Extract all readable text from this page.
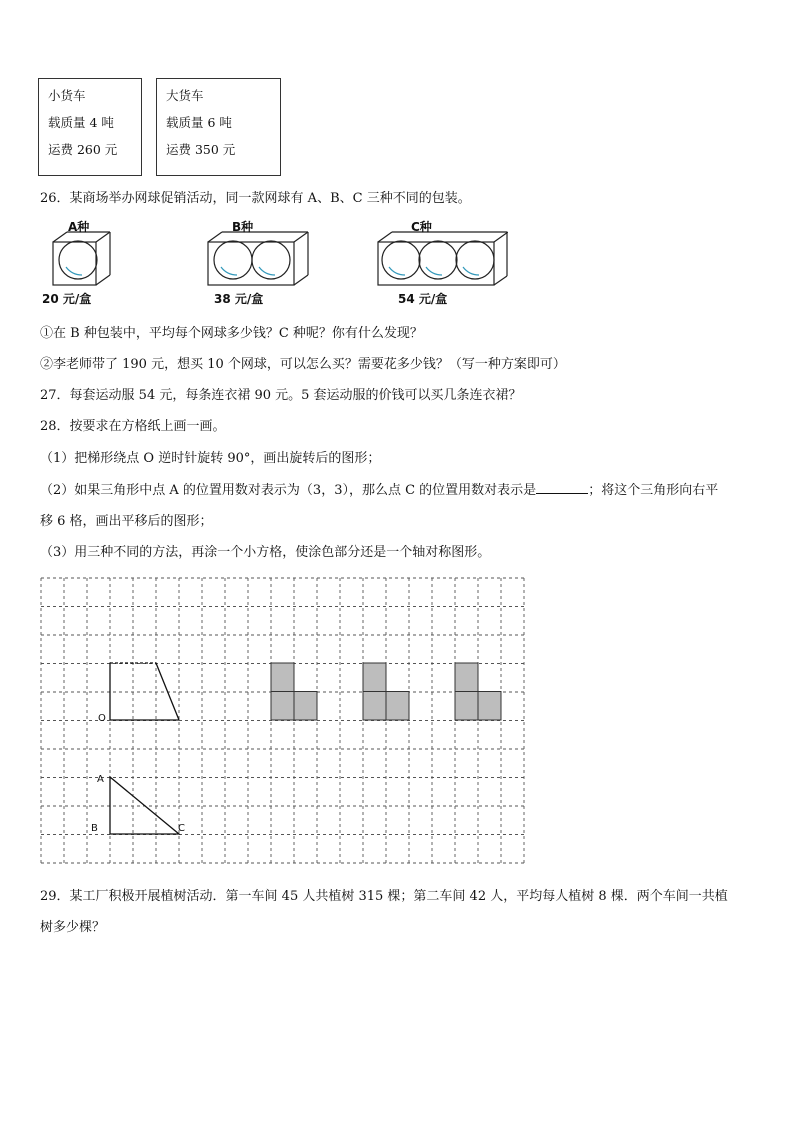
小货车
载质量 4 吨
运费 260 元
大货车
载质量 6 吨
运费 350 元
26．某商场举办网球促销活动，同一款网球有 A、B、C 三种不同的包装。
A种	B种	C种
20 元/盒	38 元/盒	54 元/盒
①在 B 种包装中，平均每个网球多少钱？C 种呢？你有什么发现？
②李老师带了 190 元，想买 10 个网球，可以怎么买？需要花多少钱？（写一种方案即可）
27．每套运动服 54 元，每条连衣裙 90 元。5 套运动服的价钱可以买几条连衣裙？
28．按要求在方格纸上画一画。
（1）把梯形绕点 O 逆时针旋转 90°，画出旋转后的图形；
（2）如果三角形中点 A 的位置用数对表示为（3，3），那么点 C 的位置用数对表示是	；将这个三角形向右平
移 6 格，画出平移后的图形；
（3）用三种不同的方法，再涂一个小方格，使涂色部分还是一个轴对称图形。
O
A
B	C
29．某工厂积极开展植树活动．第一车间 45 人共植树 315 棵；第二车间 42 人，平均每人植树 8 棵．两个车间一共植
树多少棵？
